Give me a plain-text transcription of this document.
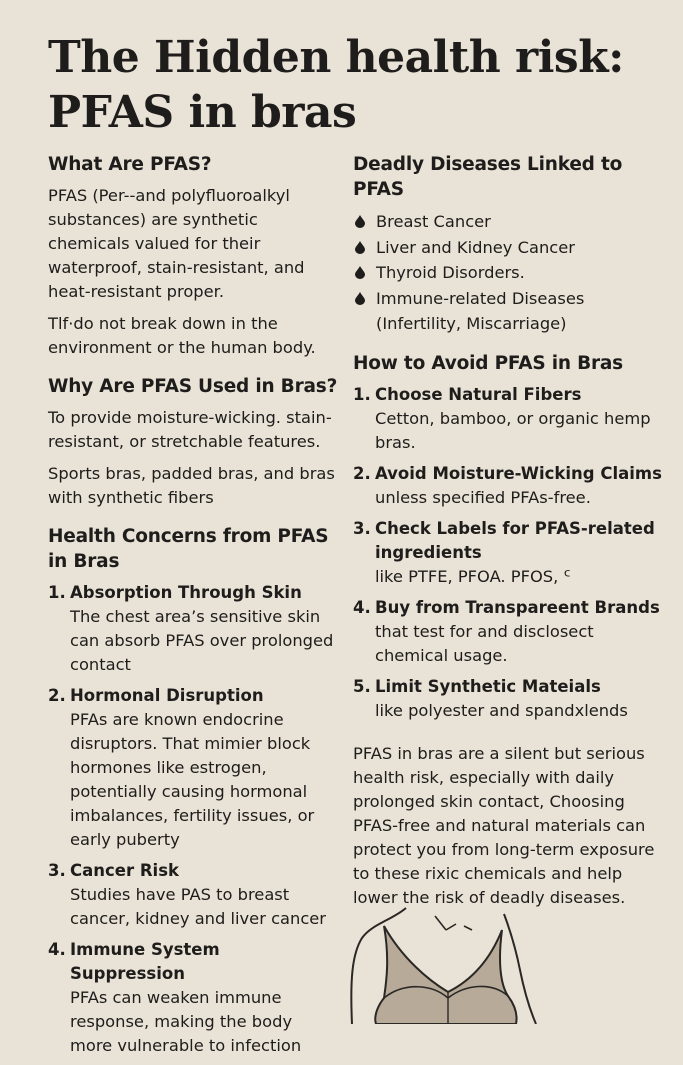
The Hidden health risk: PFAS in bras
What Are PFAS?

PFAS (Per--and polyfluoroalkyl substances) are synthetic chemicals valued for their waterproof, stain-resistant, and heat-resistant proper.

Tlf·do not break down in the environment or the human body.

Why Are PFAS Used in Bras?

To provide moisture-wicking. stain-resistant, or stretchable features.

Sports bras, padded bras, and bras with synthetic fibers

Health Concerns from PFAS in Bras
1. Absorption Through Skin
The chest area’s sensitive skin can absorb PFAS over prolonged contact
2. Hormonal Disruption
PFAs are known endocrine disruptors. That mimier block hormones like estrogen, potentially causing hormonal imbalances, fertility issues, or early puberty
3. Cancer Risk
Studies have PAS to breast cancer, kidney and liver cancer
4. Immune System Suppression
PFAs can weaken immune response, making the body more vulnerable to infection
Deadly Diseases Linked to PFAS
Breast Cancer
Liver and Kidney Cancer
Thyroid Disorders.
Immune-related Diseases (Infertility, Miscarriage)
How to Avoid PFAS in Bras
1. Choose Natural Fibers
Cetton, bamboo, or organic hemp bras.
2. Avoid Moisture-Wicking Claims
unless specified PFAs-free.
3. Check Labels for PFAS-related ingredients
like PTFE, PFOA. PFOS, ᑦ
4. Buy from Transpareent Brands
that test for and disclosect chemical usage.
5. Limit Synthetic Mateials
like polyester and spandxlends

PFAS in bras are a silent but serious health risk, especially with daily prolonged skin contact, Choosing PFAS-free and natural materials can protect you from long-term exposure to these rixic chemicals and help lower the risk of deadly diseases.
